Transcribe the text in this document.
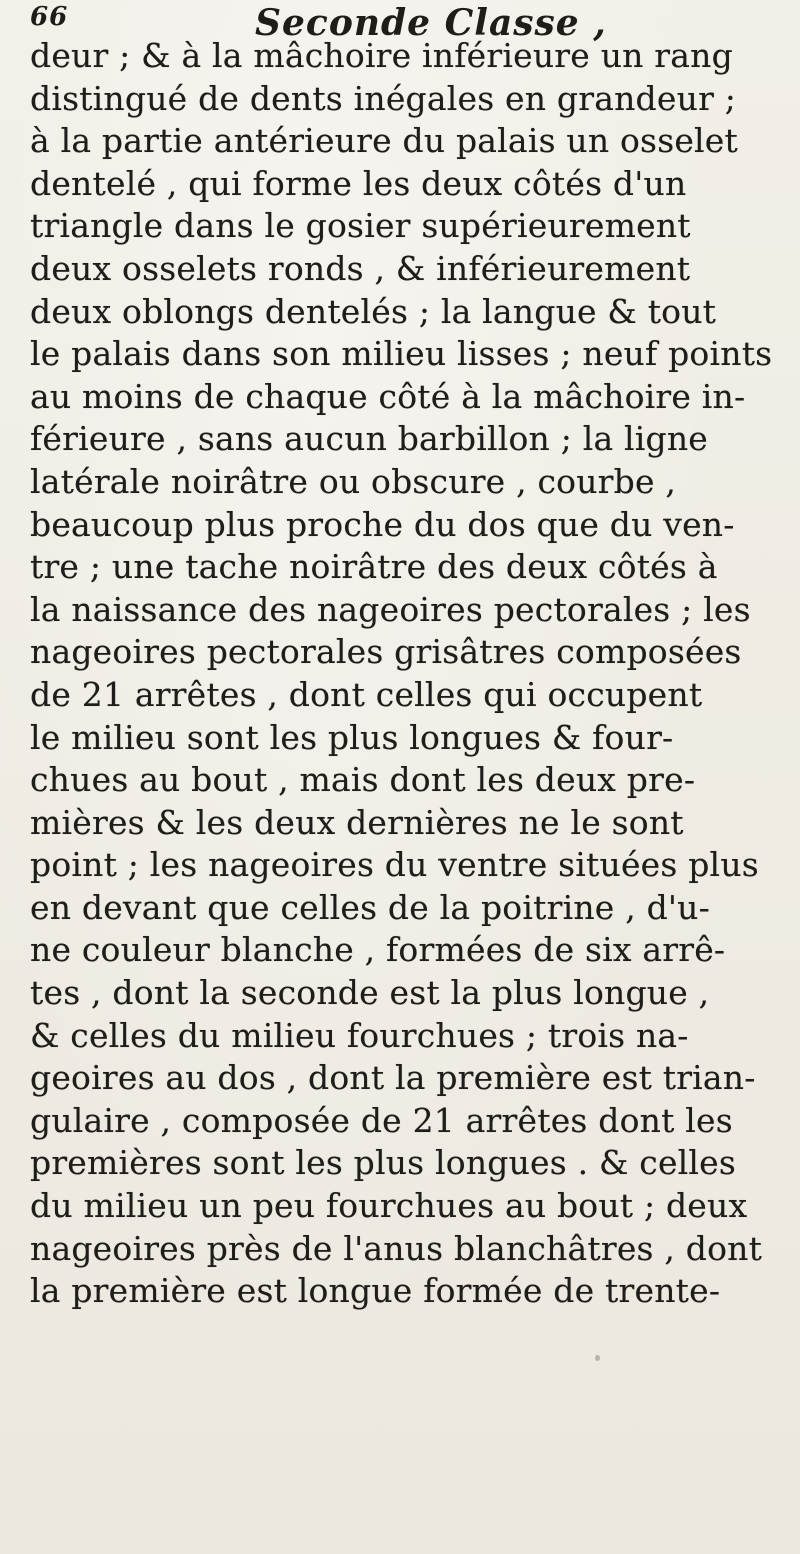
66	Seconde Classe ,
deur ; & à la mâchoire inférieure un rang
distingué de dents inégales en grandeur ;
à la partie antérieure du palais un osselet
dentelé , qui forme les deux côtés d'un
triangle dans le gosier supérieurement
deux osselets ronds , & inférieurement
deux oblongs dentelés ; la langue & tout
le palais dans son milieu lisses ; neuf points
au moins de chaque côté à la mâchoire in-
férieure , sans aucun barbillon ; la ligne
latérale noirâtre ou obscure , courbe ,
beaucoup plus proche du dos que du ven-
tre ; une tache noirâtre des deux côtés à
la naissance des nageoires pectorales ; les
nageoires pectorales grisâtres composées
de 21 arrêtes , dont celles qui occupent
le milieu sont les plus longues & four-
chues au bout , mais dont les deux pre-
mières & les deux dernières ne le sont
point ; les nageoires du ventre situées plus
en devant que celles de la poitrine , d'u-
ne couleur blanche , formées de six arrê-
tes , dont la seconde est la plus longue ,
& celles du milieu fourchues ; trois na-
geoires au dos , dont la première est trian-
gulaire , composée de 21 arrêtes dont les
premières sont les plus longues . & celles
du milieu un peu fourchues au bout ; deux
nageoires près de l'anus blanchâtres , dont
la première est longue formée de trente-
